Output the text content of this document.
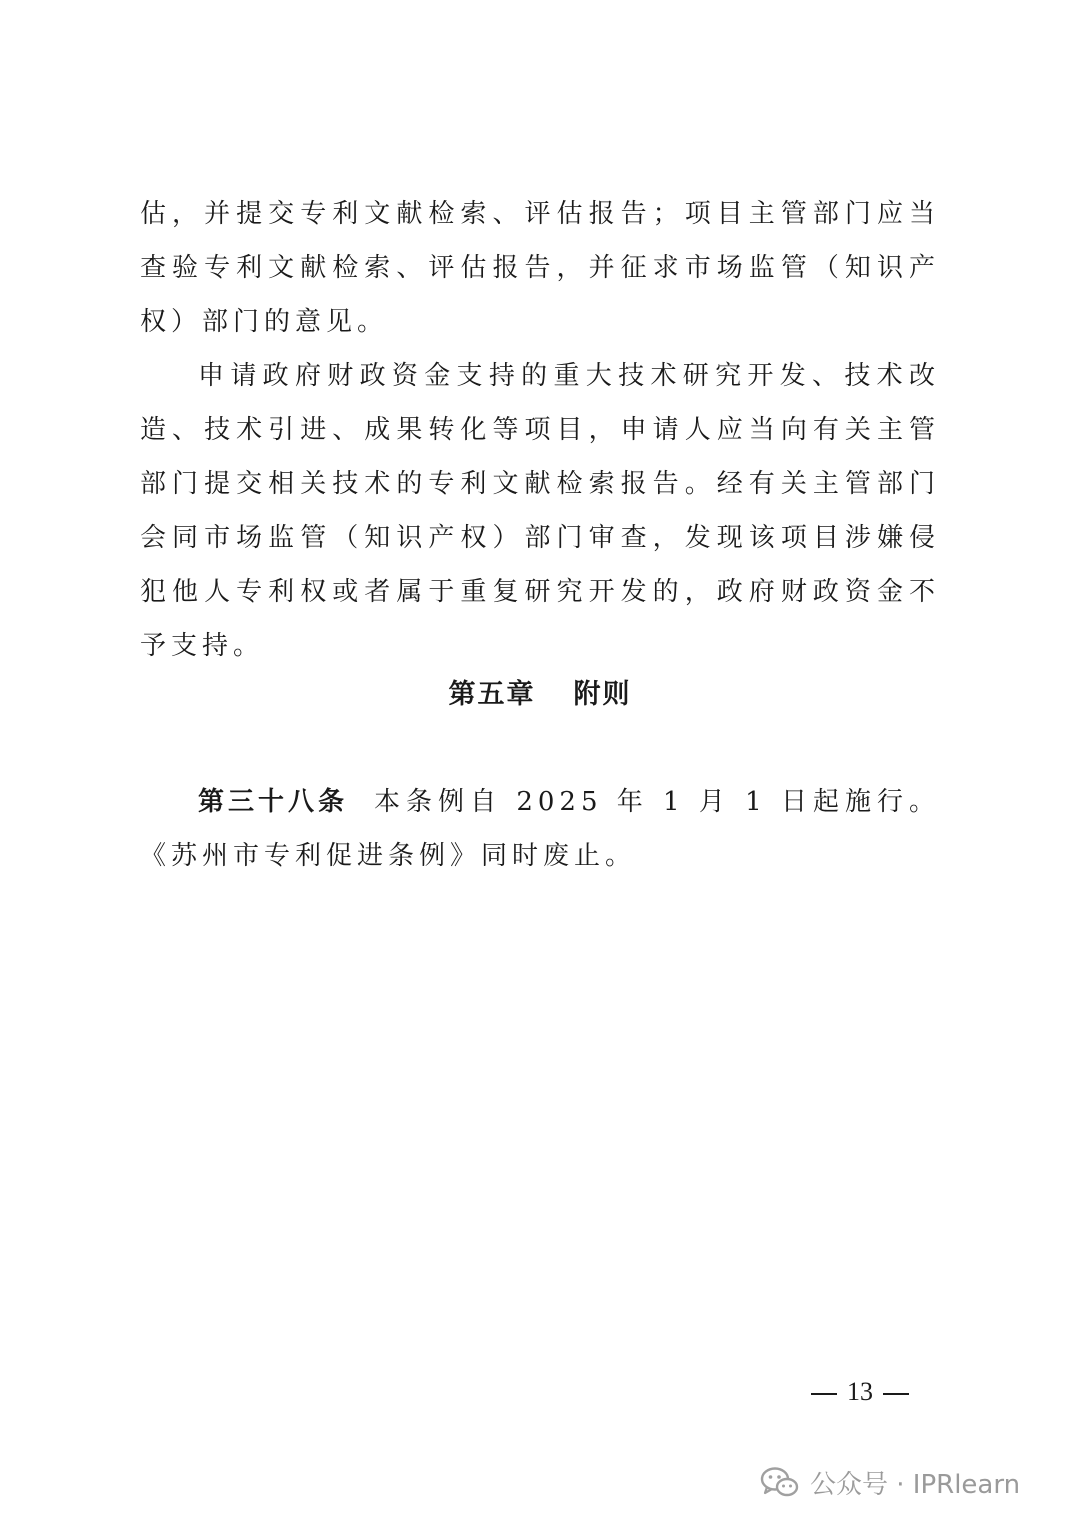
估，并提交专利文献检索、评估报告；项目主管部门应当查验专利文献检索、评估报告，并征求市场监管（知识产权）部门的意见。

申请政府财政资金支持的重大技术研究开发、技术改造、技术引进、成果转化等项目，申请人应当向有关主管部门提交相关技术的专利文献检索报告。经有关主管部门会同市场监管（知识产权）部门审查，发现该项目涉嫌侵犯他人专利权或者属于重复研究开发的，政府财政资金不予支持。

第五章 附则

第三十八条 本条例自 2025 年 1 月 1 日起施行。《苏州市专利促进条例》同时废止。

13
公众号 · IPRlearn
